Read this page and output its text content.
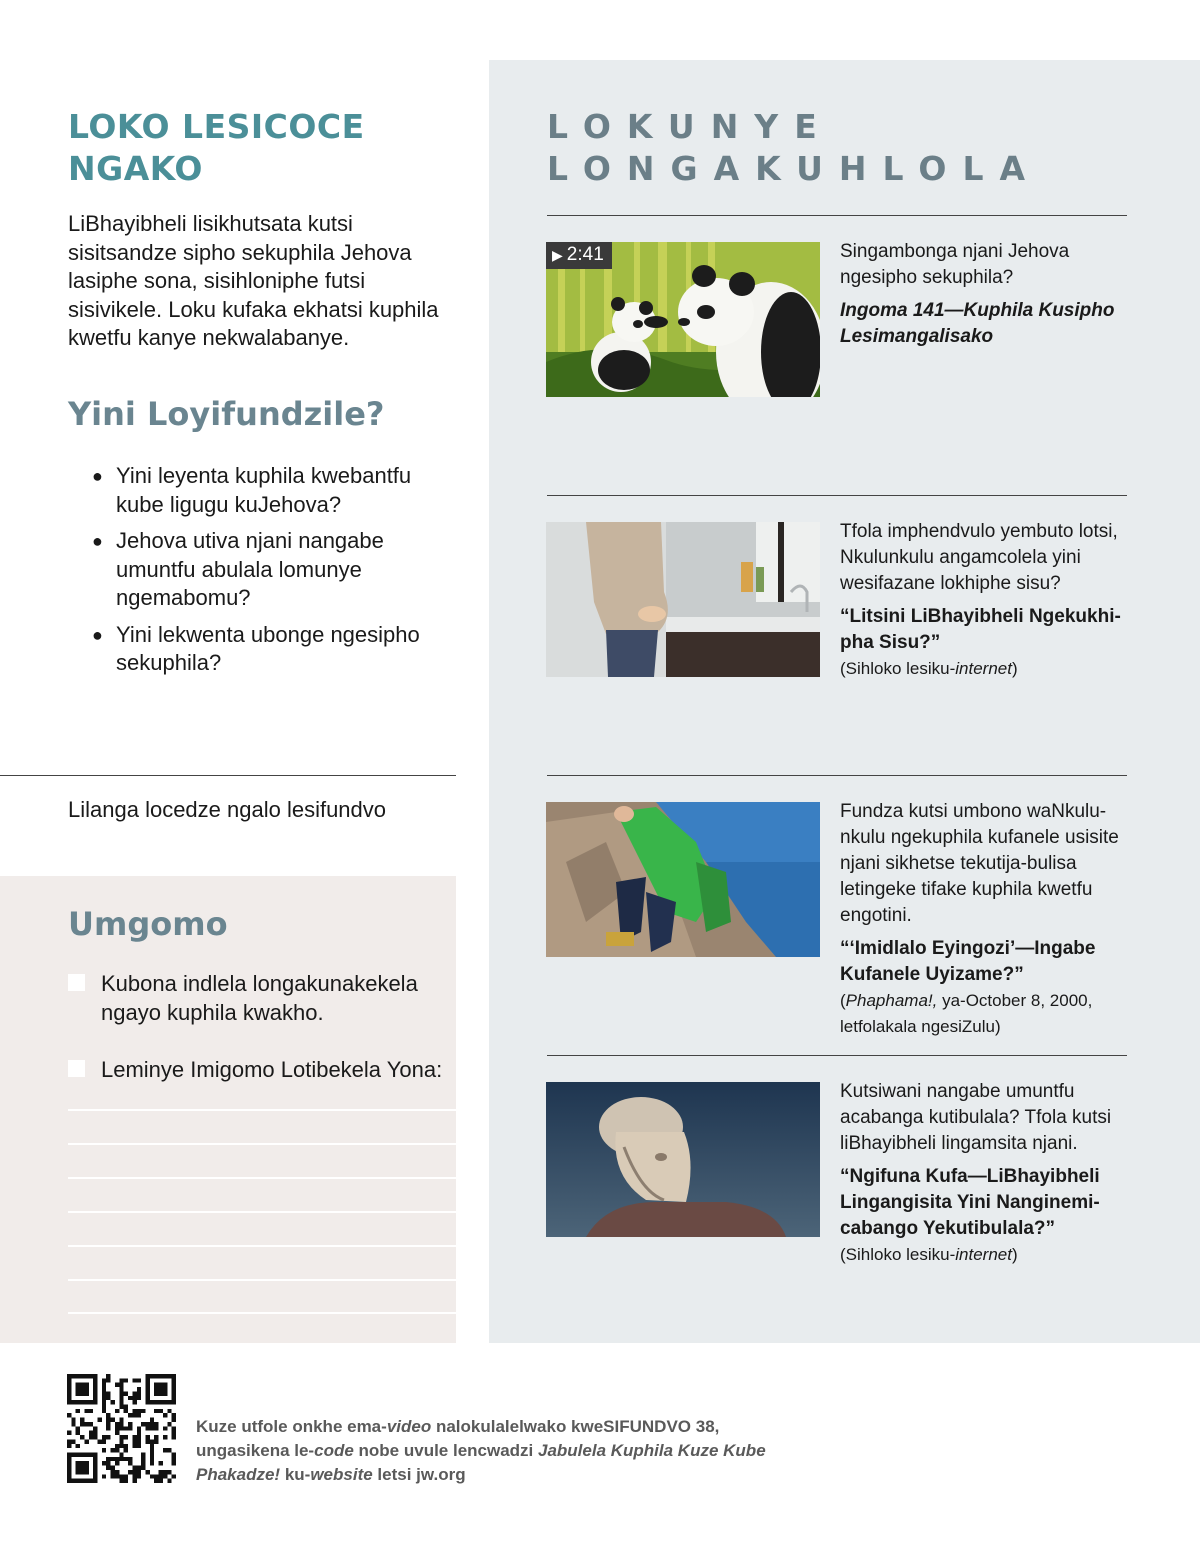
LOKO LESICOCE NGAKO

LiBhayibheli lisikhutsata kutsi sisitsandze sipho sekuphila Jehova lasiphe sona, sisihloniphe futsi sisivikele. Loku kufaka ekhatsi kuphila kwetfu kanye nekwalabanye.

Yini Loyifundzile?
● Yini leyenta kuphila kwebantfu kube ligugu kuJehova?
● Jehova utiva njani nangabe umuntfu abulala lomunye ngemabomu?
● Yini lekwenta ubonge ngesipho sekuphila?
Lilanga locedze ngalo lesifundvo
Umgomo
Kubona indlela longakunakekela ngayo kuphila kwakho.
Leminye Imigomo Lotibekela Yona:
LOKUNYE LONGAKUHLOLA
▶ 2:41	Singambonga njani Jehova ngesipho sekuphila?
Ingoma 141—Kuphila Kusipho Lesimangalisako
Tfola imphendvulo yembuto lotsi, Nkulunkulu angamcolela yini wesifazane lokhiphe sisu?
“Litsini LiBhayibheli Ngekukhi-pha Sisu?”
(Sihloko lesiku-internet)
Fundza kutsi umbono waNkulu-nkulu ngekuphila kufanele usisite njani sikhetse tekutija-bulisa letingeke tifake kuphila kwetfu engotini.
“‘Imidlalo Eyingozi’—Ingabe Kufanele Uyizame?”
(Phaphama!, ya-October 8, 2000, letfolakala ngesiZulu)
Kutsiwani nangabe umuntfu acabanga kutibulala? Tfola kutsi liBhayibheli lingamsita njani.
“Ngifuna Kufa—LiBhayibheli Lingangisita Yini Nanginemi-cabango Yekutibulala?”
(Sihloko lesiku-internet)
Kuze utfole onkhe ema-video nalokulalelwako kweSIFUNDVO 38, ungasikena le-code nobe uvule lencwadzi Jabulela Kuphila Kuze Kube Phakadze! ku-website letsi jw.org
